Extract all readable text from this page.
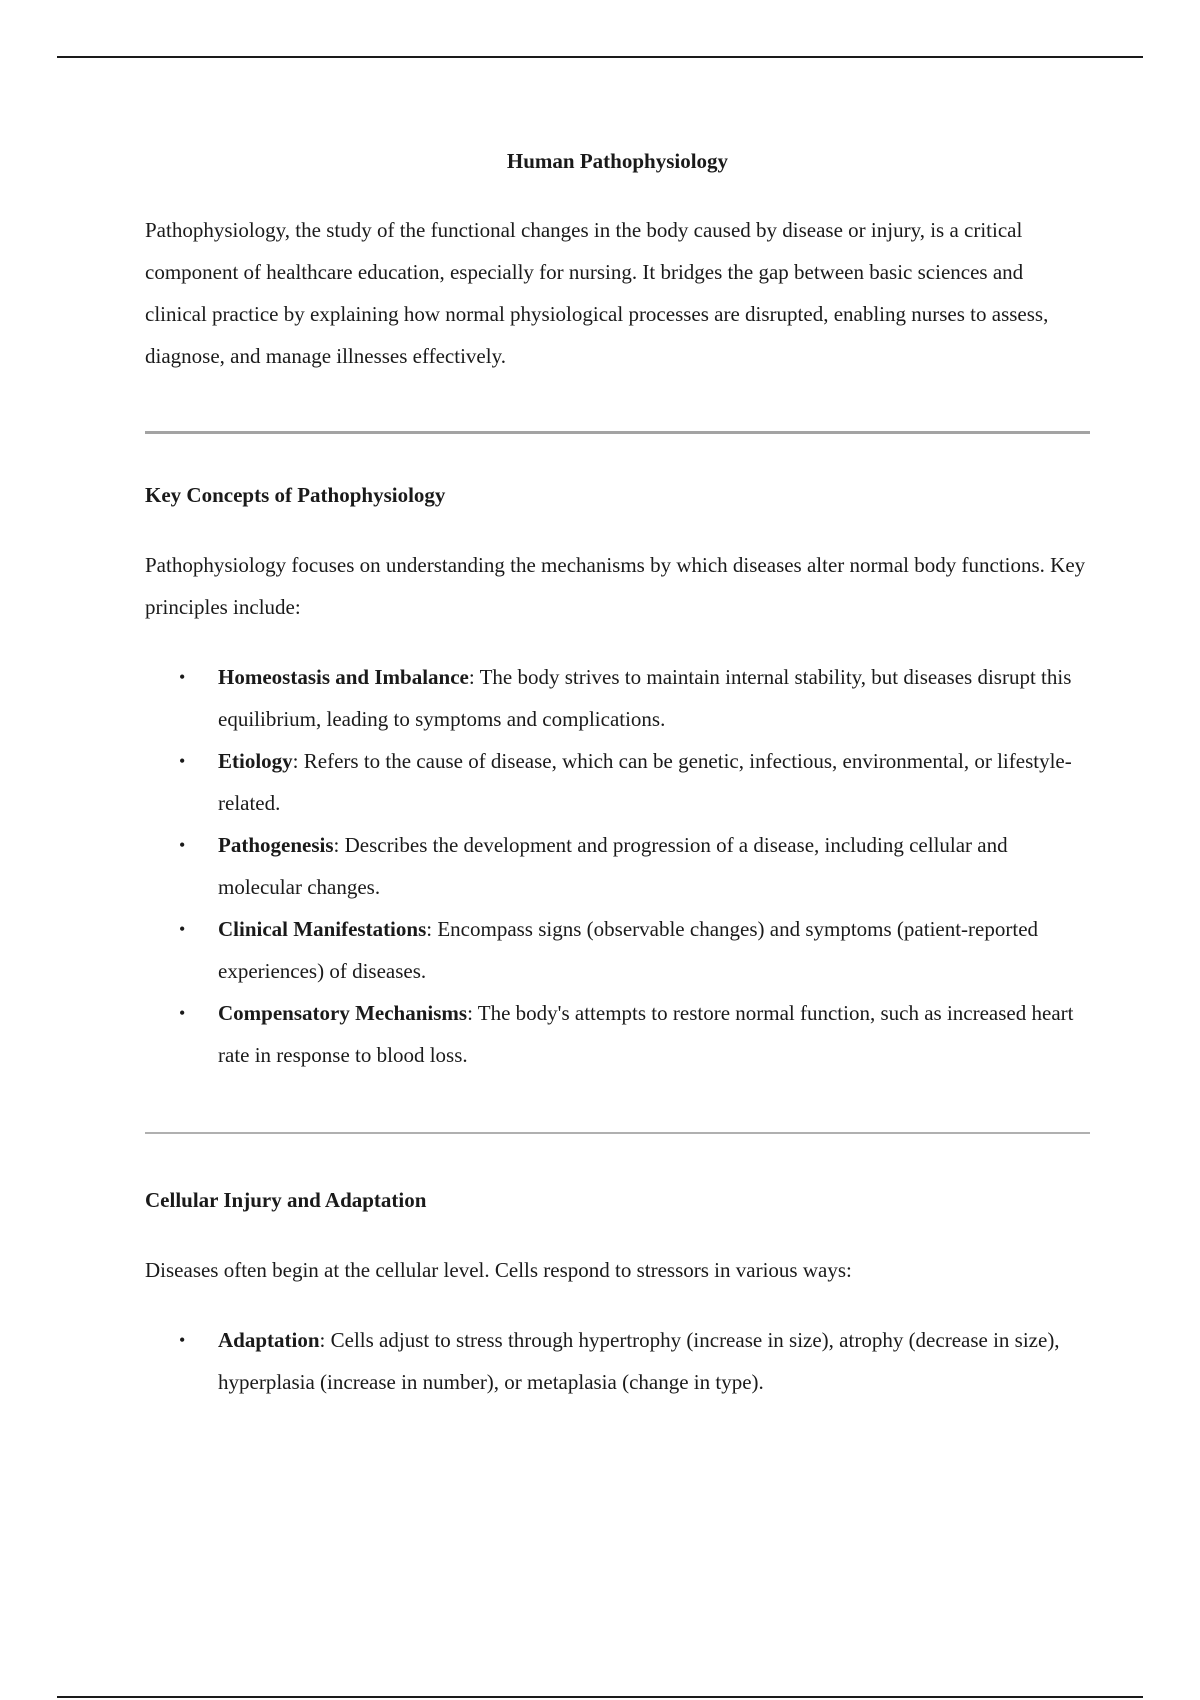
Human Pathophysiology

Pathophysiology, the study of the functional changes in the body caused by disease or injury, is a critical component of healthcare education, especially for nursing. It bridges the gap between basic sciences and clinical practice by explaining how normal physiological processes are disrupted, enabling nurses to assess, diagnose, and manage illnesses effectively.

Key Concepts of Pathophysiology

Pathophysiology focuses on understanding the mechanisms by which diseases alter normal body functions. Key principles include:

• Homeostasis and Imbalance: The body strives to maintain internal stability, but diseases disrupt this equilibrium, leading to symptoms and complications.
• Etiology: Refers to the cause of disease, which can be genetic, infectious, environmental, or lifestyle-related.
• Pathogenesis: Describes the development and progression of a disease, including cellular and molecular changes.
• Clinical Manifestations: Encompass signs (observable changes) and symptoms (patient-reported experiences) of diseases.
• Compensatory Mechanisms: The body's attempts to restore normal function, such as increased heart rate in response to blood loss.
Cellular Injury and Adaptation

Diseases often begin at the cellular level. Cells respond to stressors in various ways:

• Adaptation: Cells adjust to stress through hypertrophy (increase in size), atrophy (decrease in size), hyperplasia (increase in number), or metaplasia (change in type).
